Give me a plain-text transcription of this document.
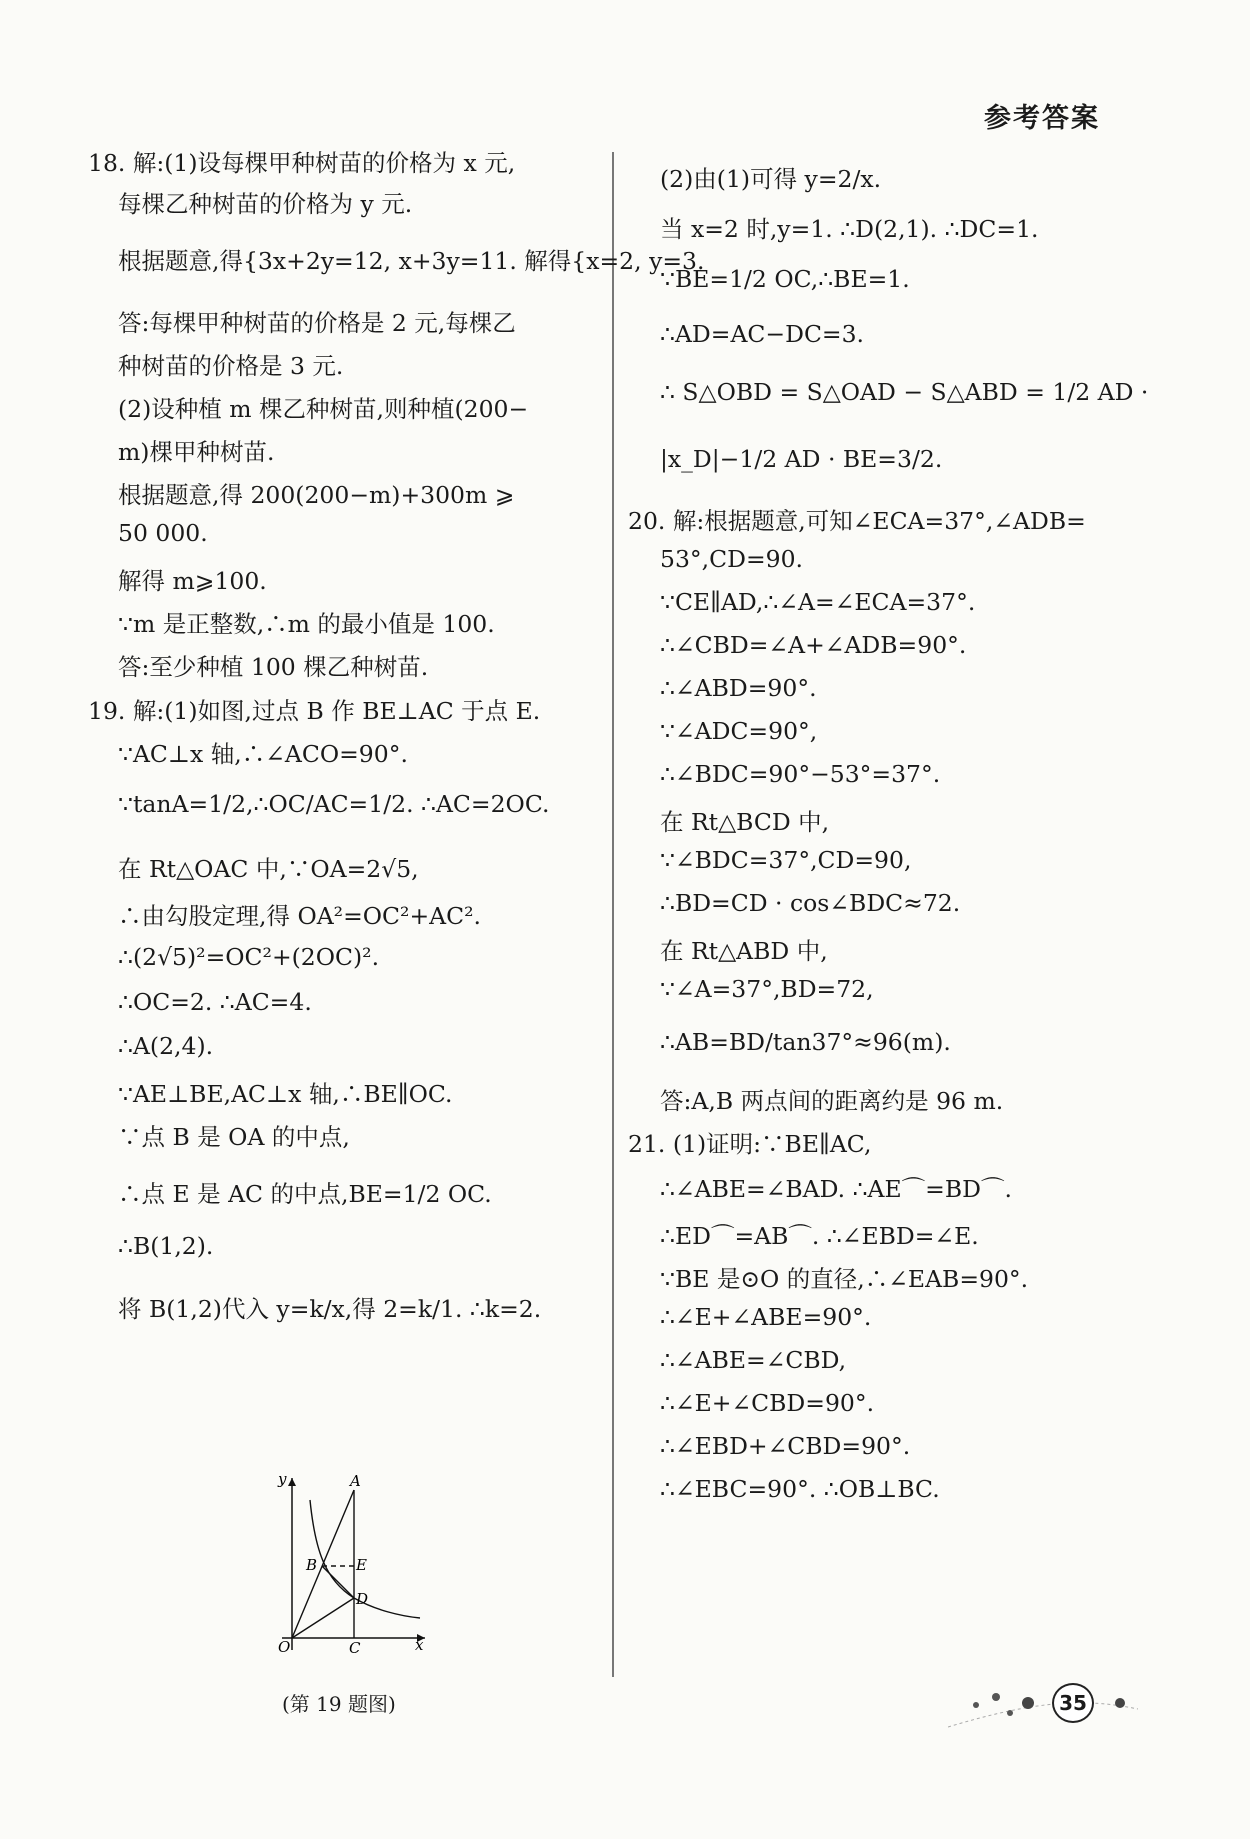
参考答案
18. 解:(1)设每棵甲种树苗的价格为 x 元,
每棵乙种树苗的价格为 y 元.
根据题意,得{3x+2y=12, x+3y=11. 解得{x=2, y=3.
答:每棵甲种树苗的价格是 2 元,每棵乙
种树苗的价格是 3 元.
(2)设种植 m 棵乙种树苗,则种植(200−
m)棵甲种树苗.
根据题意,得 200(200−m)+300m ⩾
50 000.
解得 m⩾100.
∵m 是正整数,∴m 的最小值是 100.
答:至少种植 100 棵乙种树苗.
19. 解:(1)如图,过点 B 作 BE⊥AC 于点 E.
∵AC⊥x 轴,∴∠ACO=90°.
∵tanA=1/2,∴OC/AC=1/2. ∴AC=2OC.
在 Rt△OAC 中,∵OA=2√5,
∴由勾股定理,得 OA²=OC²+AC².
∴(2√5)²=OC²+(2OC)².
∴OC=2. ∴AC=4.
∴A(2,4).
∵AE⊥BE,AC⊥x 轴,∴BE∥OC.
∵点 B 是 OA 的中点,
∴点 E 是 AC 的中点,BE=1/2 OC.
∴B(1,2).
将 B(1,2)代入 y=k/x,得 2=k/1. ∴k=2.
y	A
B	E
D
O	C	x
(第 19 题图)
(2)由(1)可得 y=2/x.
当 x=2 时,y=1. ∴D(2,1). ∴DC=1.
∵BE=1/2 OC,∴BE=1.
∴AD=AC−DC=3.
∴ S△OBD = S△OAD − S△ABD = 1/2 AD ·
|x_D|−1/2 AD · BE=3/2.
20. 解:根据题意,可知∠ECA=37°,∠ADB=
53°,CD=90.
∵CE∥AD,∴∠A=∠ECA=37°.
∴∠CBD=∠A+∠ADB=90°.
∴∠ABD=90°.
∵∠ADC=90°,
∴∠BDC=90°−53°=37°.
在 Rt△BCD 中,
∵∠BDC=37°,CD=90,
∴BD=CD · cos∠BDC≈72.
在 Rt△ABD 中,
∵∠A=37°,BD=72,
∴AB=BD/tan37°≈96(m).
答:A,B 两点间的距离约是 96 m.
21. (1)证明:∵BE∥AC,
∴∠ABE=∠BAD. ∴AE⌒=BD⌒.
∴ED⌒=AB⌒. ∴∠EBD=∠E.
∵BE 是⊙O 的直径,∴∠EAB=90°.
∴∠E+∠ABE=90°.
∴∠ABE=∠CBD,
∴∠E+∠CBD=90°.
∴∠EBD+∠CBD=90°.
∴∠EBC=90°. ∴OB⊥BC.
35
